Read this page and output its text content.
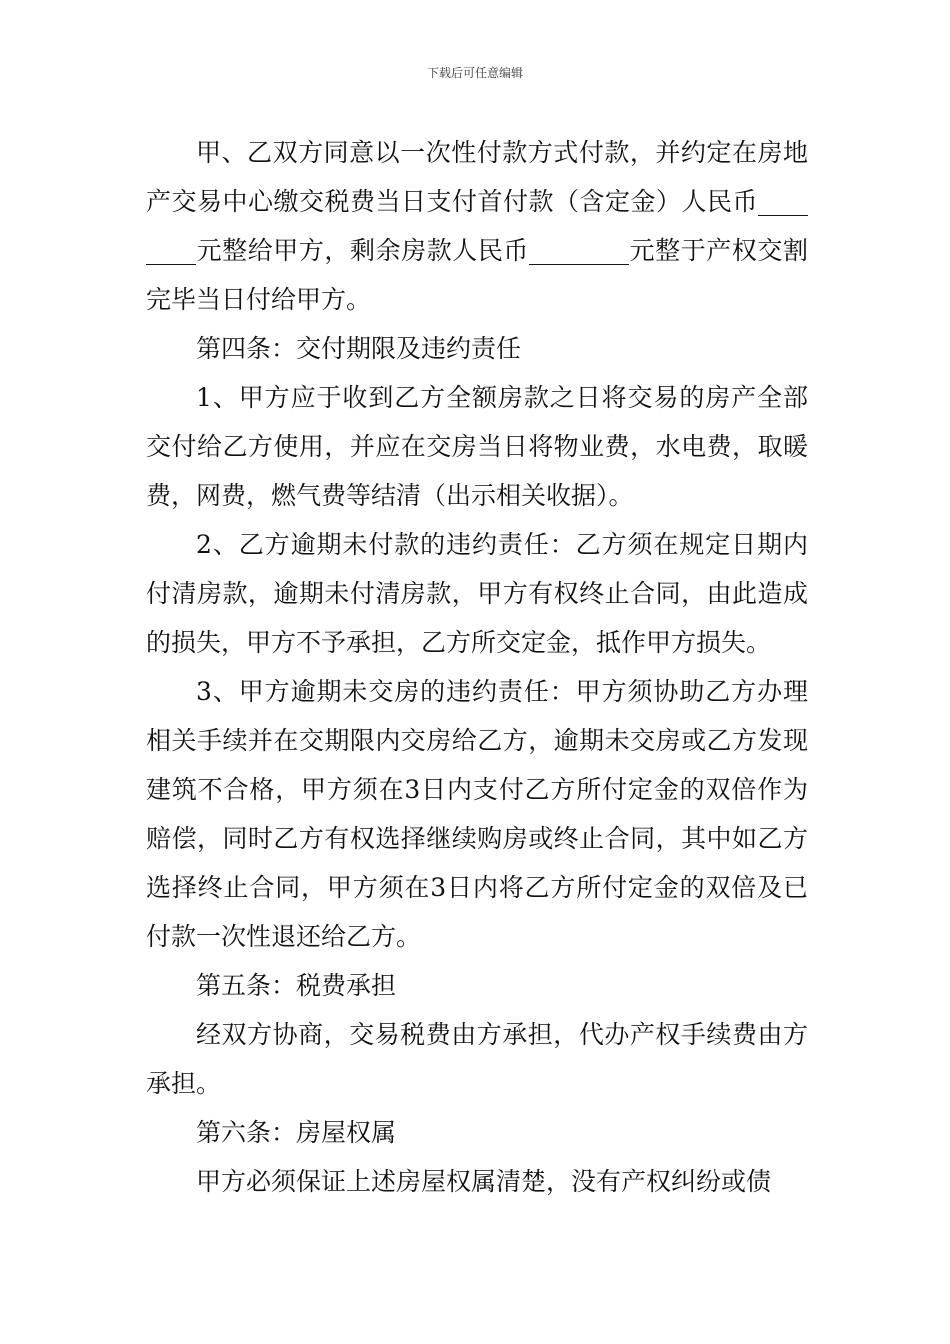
下载后可任意编辑

甲、乙双方同意以一次性付款方式付款，并约定在房地产交易中心缴交税费当日支付首付款（含定金）人民币________元整给甲方，剩余房款人民币________元整于产权交割完毕当日付给甲方。

第四条：交付期限及违约责任

1、甲方应于收到乙方全额房款之日将交易的房产全部交付给乙方使用，并应在交房当日将物业费，水电费，取暖费，网费，燃气费等结清（出示相关收据）。

2、乙方逾期未付款的违约责任：乙方须在规定日期内付清房款，逾期未付清房款，甲方有权终止合同，由此造成的损失，甲方不予承担，乙方所交定金，抵作甲方损失。

3、甲方逾期未交房的违约责任：甲方须协助乙方办理相关手续并在交期限内交房给乙方，逾期未交房或乙方发现建筑不合格，甲方须在3日内支付乙方所付定金的双倍作为赔偿，同时乙方有权选择继续购房或终止合同，其中如乙方选择终止合同，甲方须在3日内将乙方所付定金的双倍及已付款一次性退还给乙方。

第五条：税费承担

经双方协商，交易税费由方承担，代办产权手续费由方承担。

第六条：房屋权属

甲方必须保证上述房屋权属清楚，没有产权纠纷或债
